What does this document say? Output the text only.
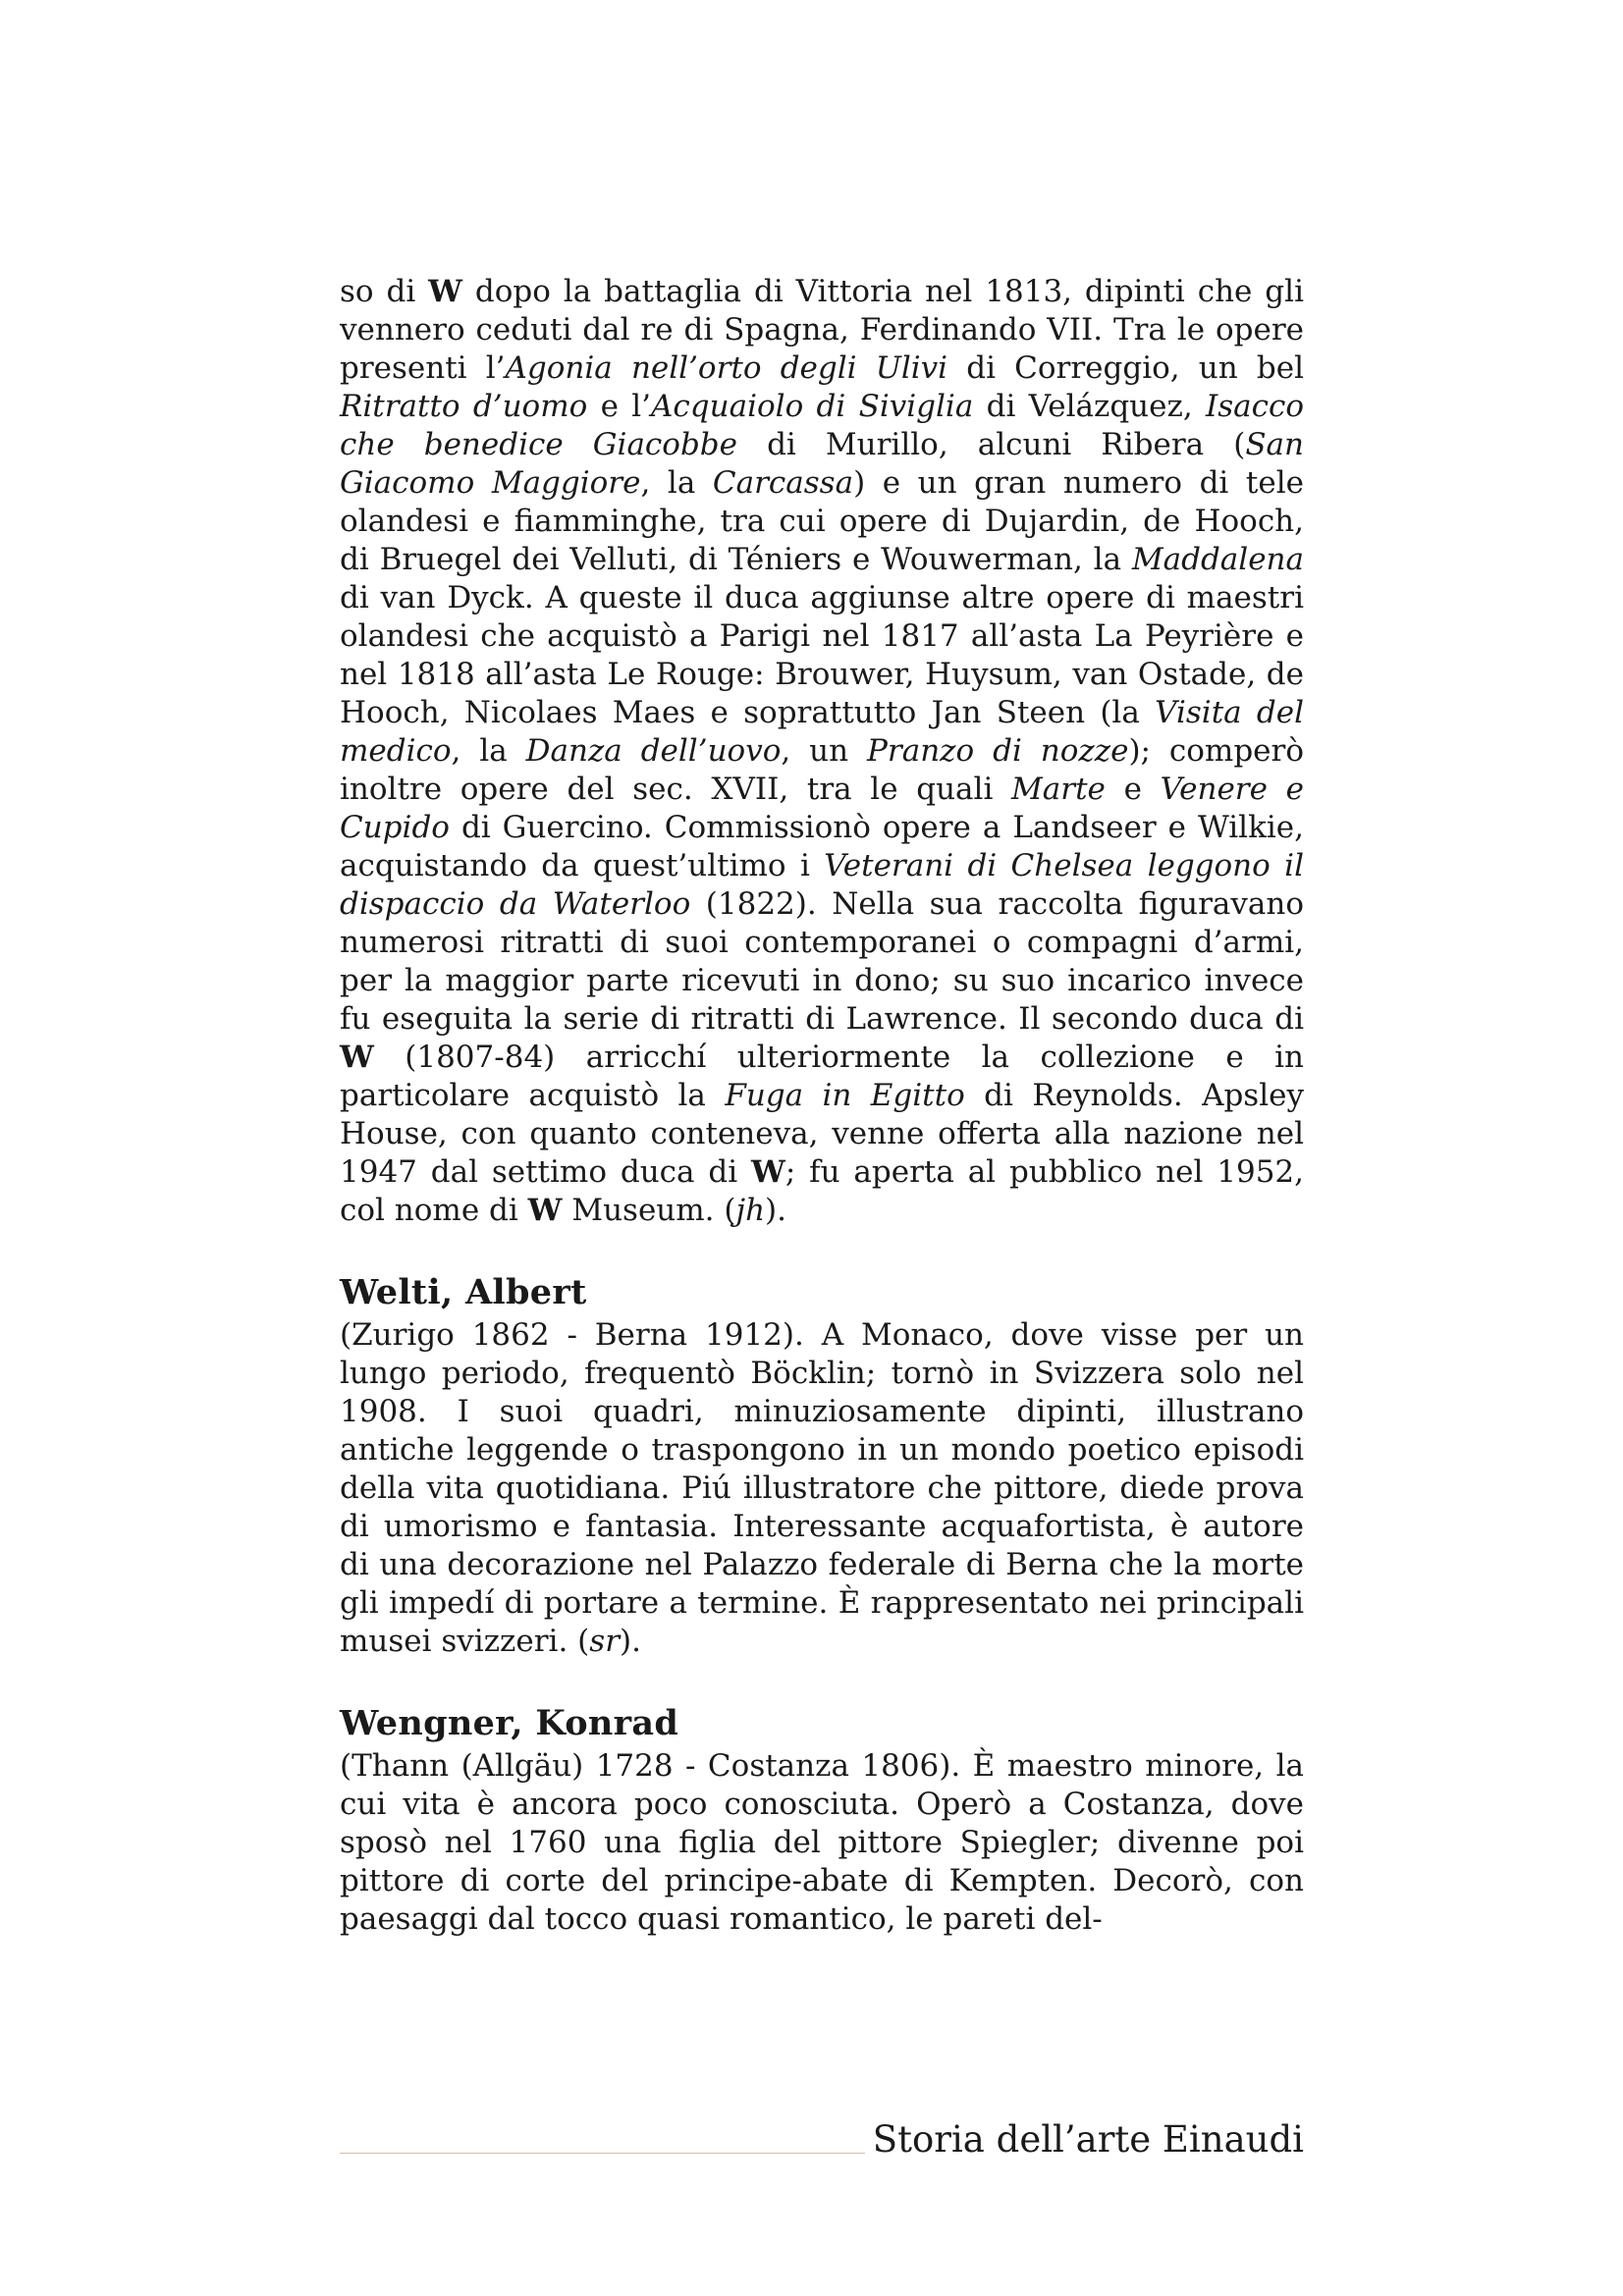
so di W dopo la battaglia di Vittoria nel 1813, dipinti che gli vennero ceduti dal re di Spagna, Ferdinando VII. Tra le opere presenti l’Agonia nell’orto degli Ulivi di Correggio, un bel Ritratto d’uomo e l’Acquaiolo di Siviglia di Velázquez, Isacco che benedice Giacobbe di Murillo, alcuni Ribera (San Giacomo Maggiore, la Carcassa) e un gran numero di tele olandesi e fiamminghe, tra cui opere di Dujardin, de Hooch, di Bruegel dei Velluti, di Téniers e Wouwerman, la Maddalena di van Dyck. A queste il duca aggiunse altre opere di maestri olandesi che acquistò a Parigi nel 1817 all’asta La Peyrière e nel 1818 all’asta Le Rouge: Brouwer, Huysum, van Ostade, de Hooch, Nicolaes Maes e soprattutto Jan Steen (la Visita del medico, la Danza dell’uovo, un Pranzo di nozze); comperò inoltre opere del sec. XVII, tra le quali Marte e Venere e Cupido di Guercino. Commissionò opere a Landseer e Wilkie, acquistando da quest’ultimo i Veterani di Chelsea leggono il dispaccio da Waterloo (1822). Nella sua raccolta figuravano numerosi ritratti di suoi contemporanei o compagni d’armi, per la maggior parte ricevuti in dono; su suo incarico invece fu eseguita la serie di ritratti di Lawrence. Il secondo duca di W (1807-84) arricchí ulteriormente la collezione e in particolare acquistò la Fuga in Egitto di Reynolds. Apsley House, con quanto conteneva, venne offerta alla nazione nel 1947 dal settimo duca di W; fu aperta al pubblico nel 1952, col nome di W Museum. (jh).

Welti, Albert

(Zurigo 1862 - Berna 1912). A Monaco, dove visse per un lungo periodo, frequentò Böcklin; tornò in Svizzera solo nel 1908. I suoi quadri, minuziosamente dipinti, illustrano antiche leggende o traspongono in un mondo poetico episodi della vita quotidiana. Piú illustratore che pittore, diede prova di umorismo e fantasia. Interessante acquafortista, è autore di una decorazione nel Palazzo federale di Berna che la morte gli impedí di portare a termine. È rappresentato nei principali musei svizzeri. (sr).

Wengner, Konrad

(Thann (Allgäu) 1728 - Costanza 1806). È maestro minore, la cui vita è ancora poco conosciuta. Operò a Costanza, dove sposò nel 1760 una figlia del pittore Spiegler; divenne poi pittore di corte del principe-abate di Kempten. Decorò, con paesaggi dal tocco quasi romantico, le pareti del-

Storia dell’arte Einaudi
